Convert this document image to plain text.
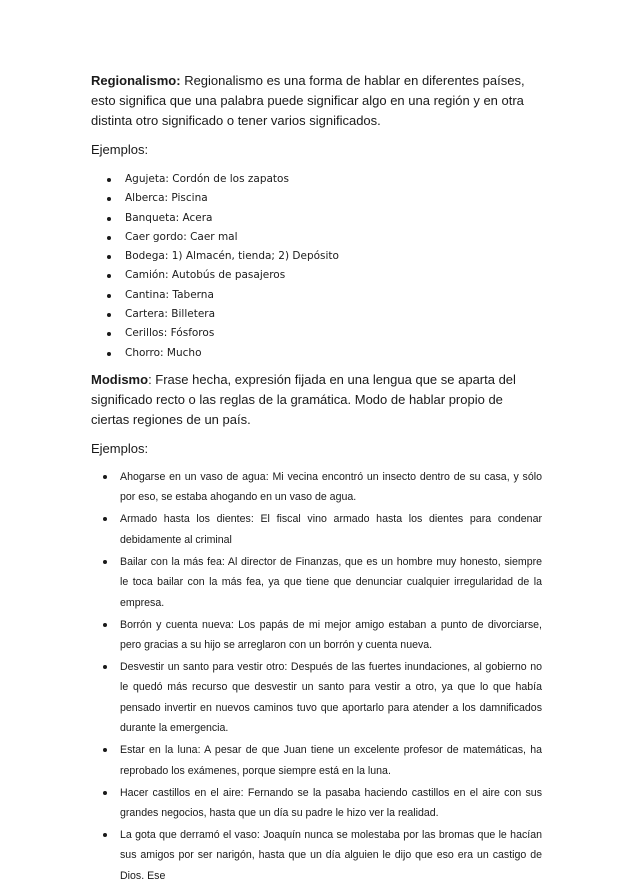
Regionalismo: Regionalismo es una forma de hablar en diferentes países, esto significa que una palabra puede significar algo en una región y en otra distinta otro significado o tener varios significados.

Ejemplos:

Agujeta: Cordón de los zapatos
Alberca: Piscina
Banqueta: Acera
Caer gordo: Caer mal
Bodega: 1) Almacén, tienda; 2) Depósito
Camión: Autobús de pasajeros
Cantina: Taberna
Cartera: Billetera
Cerillos: Fósforos
Chorro: Mucho

Modismo: Frase hecha, expresión fijada en una lengua que se aparta del significado recto o las reglas de la gramática. Modo de hablar propio de ciertas regiones de un país.

Ejemplos:

Ahogarse en un vaso de agua: Mi vecina encontró un insecto dentro de su casa, y sólo por eso, se estaba ahogando en un vaso de agua.
Armado hasta los dientes: El fiscal vino armado hasta los dientes para condenar debidamente al criminal
Bailar con la más fea: Al director de Finanzas, que es un hombre muy honesto, siempre le toca bailar con la más fea, ya que tiene que denunciar cualquier irregularidad de la empresa.
Borrón y cuenta nueva: Los papás de mi mejor amigo estaban a punto de divorciarse, pero gracias a su hijo se arreglaron con un borrón y cuenta nueva.
Desvestir un santo para vestir otro: Después de las fuertes inundaciones, al gobierno no le quedó más recurso que desvestir un santo para vestir a otro, ya que lo que había pensado invertir en nuevos caminos tuvo que aportarlo para atender a los damnificados durante la emergencia.
Estar en la luna: A pesar de que Juan tiene un excelente profesor de matemáticas, ha reprobado los exámenes, porque siempre está en la luna.
Hacer castillos en el aire: Fernando se la pasaba haciendo castillos en el aire con sus grandes negocios, hasta que un día su padre le hizo ver la realidad.
La gota que derramó el vaso: Joaquín nunca se molestaba por las bromas que le hacían sus amigos por ser narigón, hasta que un día alguien le dijo que eso era un castigo de Dios. Ese
